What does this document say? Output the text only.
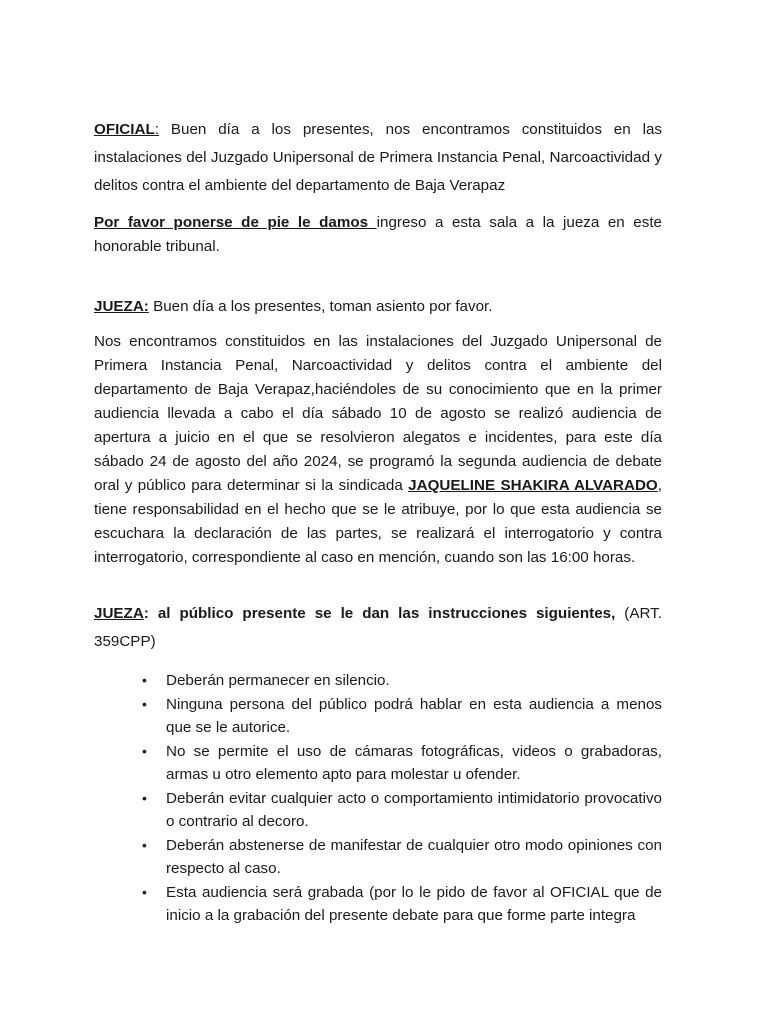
OFICIAL: Buen día a los presentes, nos encontramos constituidos en las instalaciones del Juzgado Unipersonal de Primera Instancia Penal, Narcoactividad y delitos contra el ambiente del departamento de Baja Verapaz

Por favor ponerse de pie le damos ingreso a esta sala a la jueza en este honorable tribunal.

JUEZA: Buen día a los presentes, toman asiento por favor.

Nos encontramos constituidos en las instalaciones del Juzgado Unipersonal de Primera Instancia Penal, Narcoactividad y delitos contra el ambiente del departamento de Baja Verapaz,haciéndoles de su conocimiento que en la primer audiencia llevada a cabo el día sábado 10 de agosto se realizó audiencia de apertura a juicio en el que se resolvieron alegatos e incidentes, para este día sábado 24 de agosto del año 2024, se programó la segunda audiencia de debate oral y público para determinar si la sindicada JAQUELINE SHAKIRA ALVARADO, tiene responsabilidad en el hecho que se le atribuye, por lo que esta audiencia se escuchara la declaración de las partes, se realizará el interrogatorio y contra interrogatorio, correspondiente al caso en mención, cuando son las 16:00 horas.

JUEZA: al público presente se le dan las instrucciones siguientes, (ART. 359CPP)

• Deberán permanecer en silencio.
• Ninguna persona del público podrá hablar en esta audiencia a menos que se le autorice.
• No se permite el uso de cámaras fotográficas, videos o grabadoras, armas u otro elemento apto para molestar u ofender.
• Deberán evitar cualquier acto o comportamiento intimidatorio provocativo o contrario al decoro.
• Deberán abstenerse de manifestar de cualquier otro modo opiniones con respecto al caso.
• Esta audiencia será grabada (por lo le pido de favor al OFICIAL que de inicio a la grabación del presente debate para que forme parte integra
